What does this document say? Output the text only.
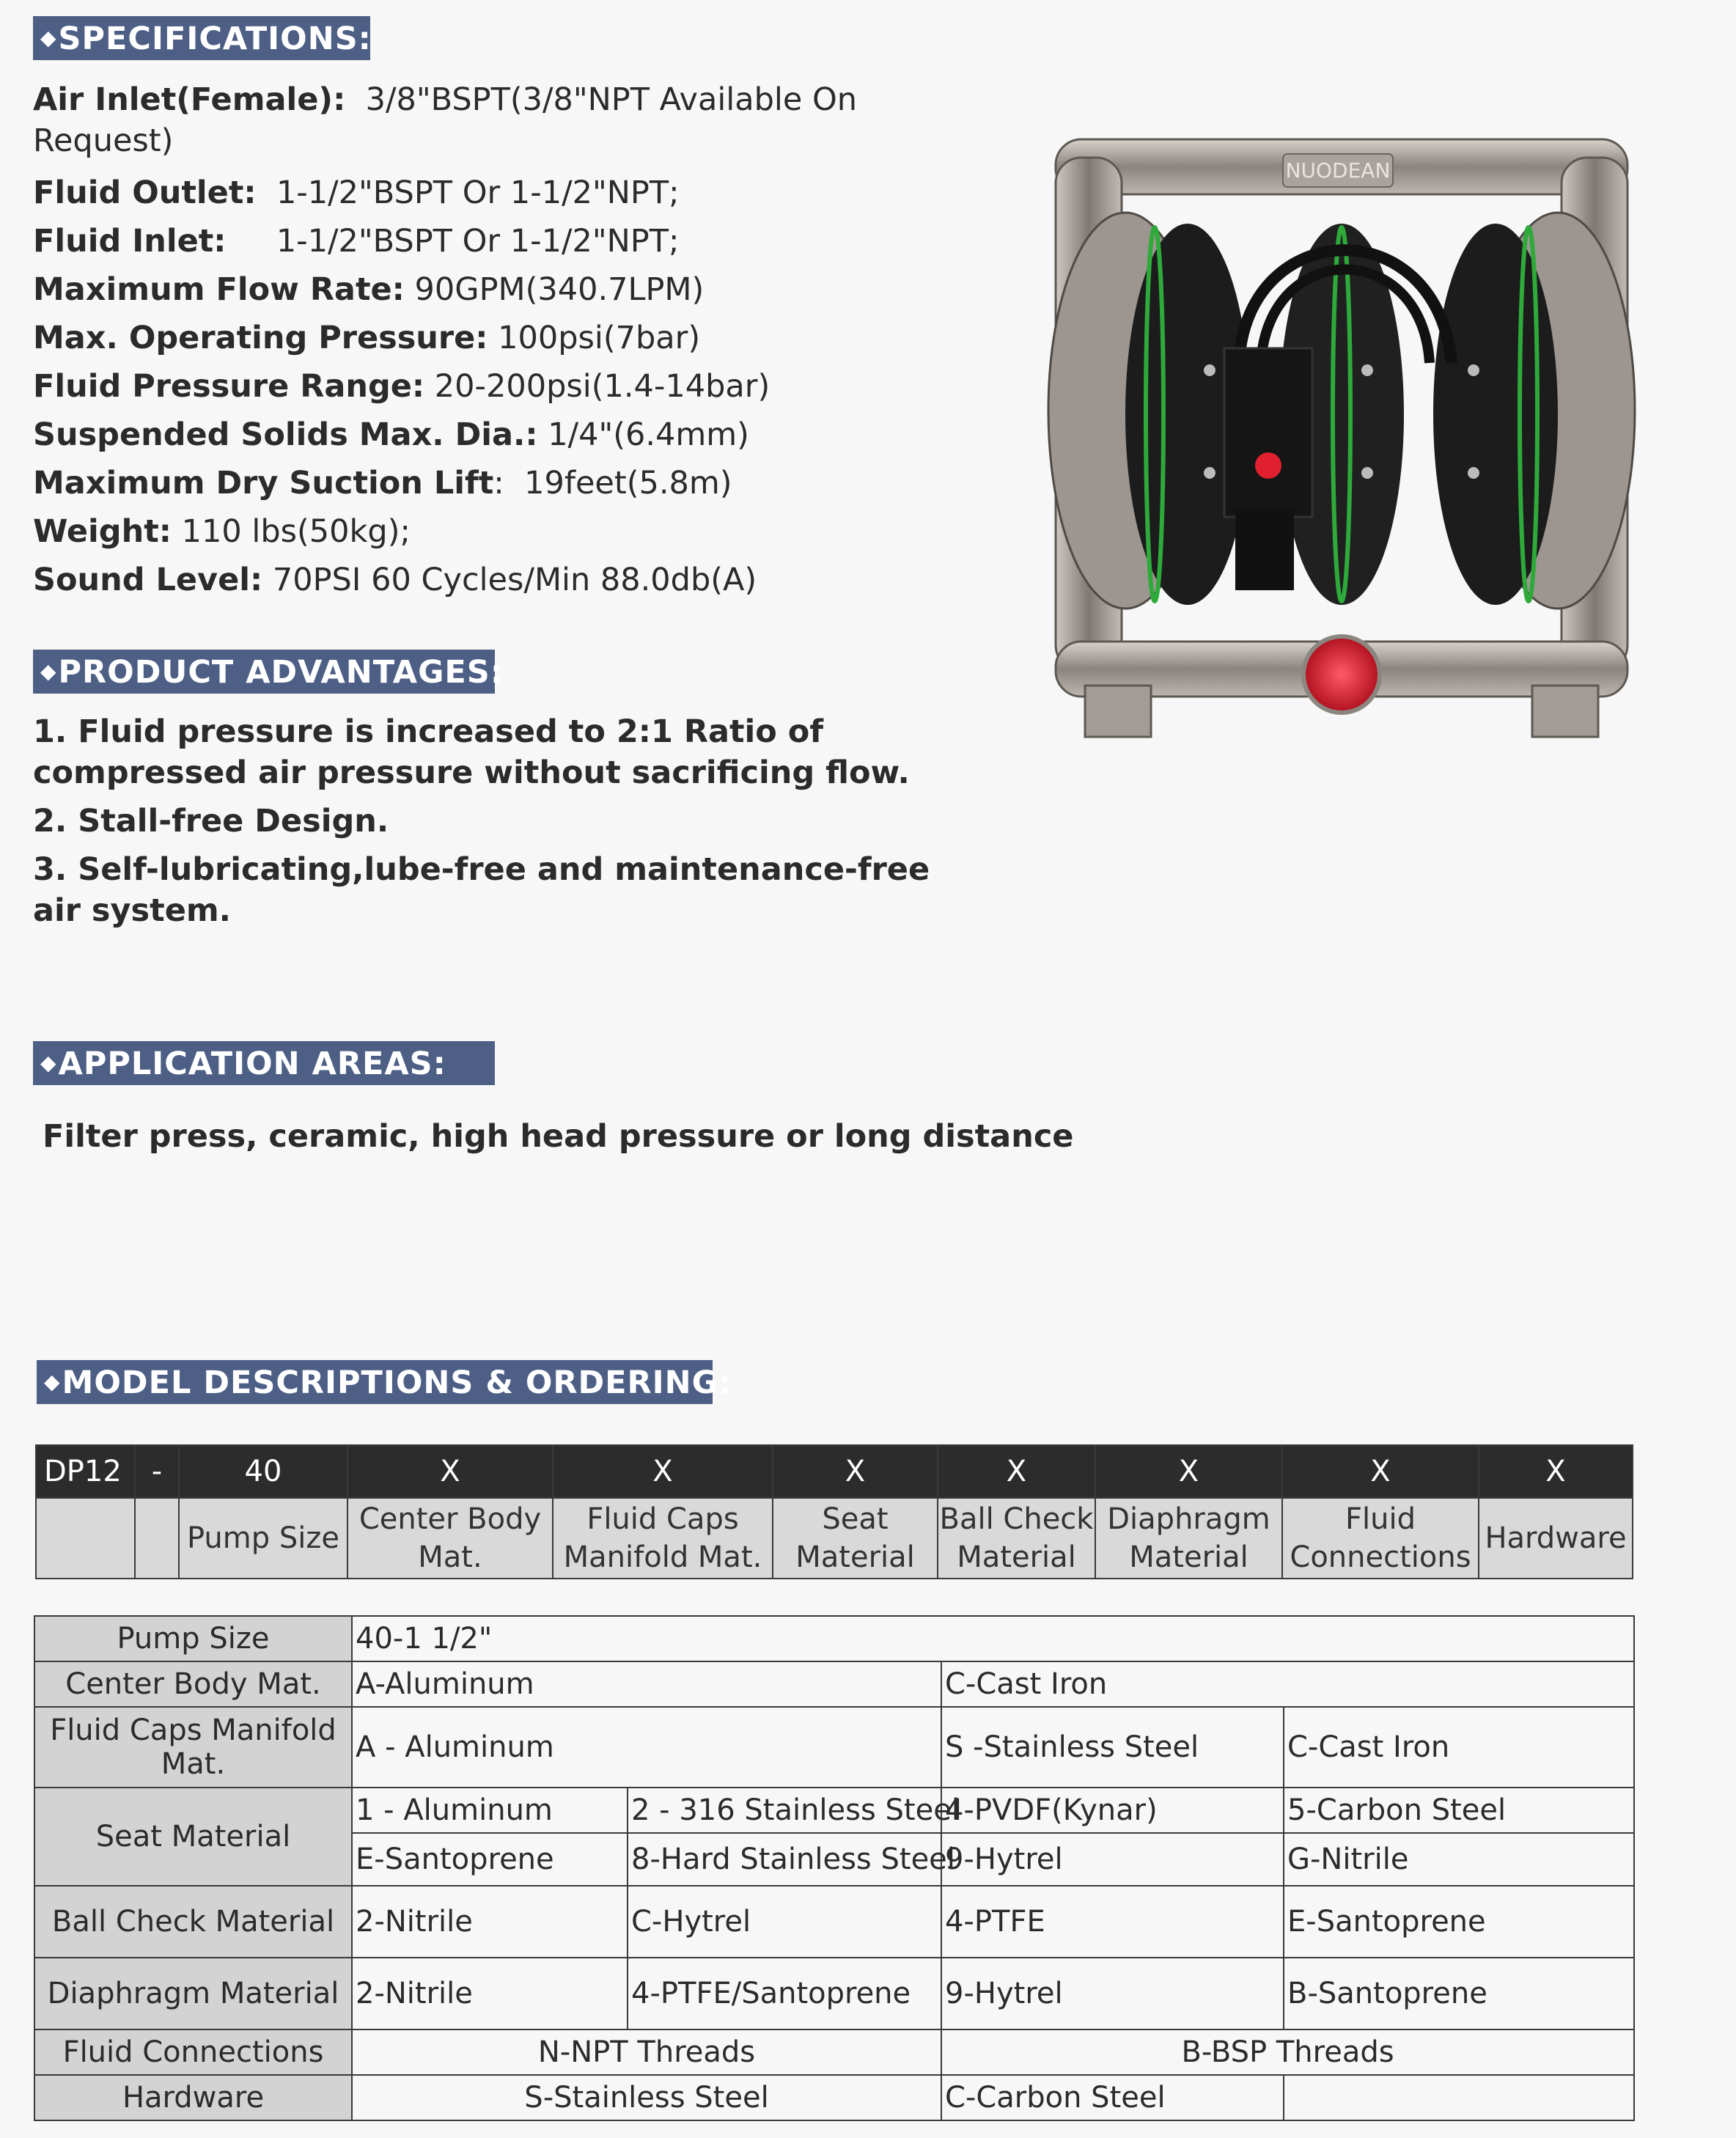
◆SPECIFICATIONS:
Air Inlet(Female): 3/8"BSPT(3/8"NPT Available On Request)
Fluid Outlet: 1-1/2"BSPT Or 1-1/2"NPT;
Fluid Inlet: 1-1/2"BSPT Or 1-1/2"NPT;
Maximum Flow Rate: 90GPM(340.7LPM)
Max. Operating Pressure: 100psi(7bar)
Fluid Pressure Range: 20-200psi(1.4-14bar)
Suspended Solids Max. Dia.: 1/4"(6.4mm)
Maximum Dry Suction Lift: 19feet(5.8m)
Weight: 110 lbs(50kg);
Sound Level: 70PSI 60 Cycles/Min 88.0db(A)
NUODEAN
◆PRODUCT ADVANTAGES:
1. Fluid pressure is increased to 2:1 Ratio of compressed air pressure without sacrificing flow.
2. Stall-free Design.
3. Self-lubricating,lube-free and maintenance-free air system.
◆APPLICATION AREAS:
Filter press, ceramic, high head pressure or long distance
◆MODEL DESCRIPTIONS & ORDERING:
DP12	-	40	X	X	X	X	X	X	X
		Pump Size	Center Body Mat.	Fluid Caps Manifold Mat.	Seat Material	Ball Check Material	Diaphragm Material	Fluid Connections	Hardware
Pump Size	40-1 1/2"			
Center Body Mat.	A-Aluminum		C-Cast Iron	
Fluid Caps Manifold Mat.	A - Aluminum		S -Stainless Steel	C-Cast Iron
Seat Material	1 - Aluminum	2 - 316 Stainless Steel	4-PVDF(Kynar)	5-Carbon Steel
	E-Santoprene	8-Hard Stainless Steel	9-Hytrel	G-Nitrile
Ball Check Material	2-Nitrile	C-Hytrel	4-PTFE	E-Santoprene
Diaphragm Material	2-Nitrile	4-PTFE/Santoprene	9-Hytrel	B-Santoprene
Fluid Connections	N-NPT Threads		B-BSP Threads	
Hardware	S-Stainless Steel		C-Carbon Steel	
